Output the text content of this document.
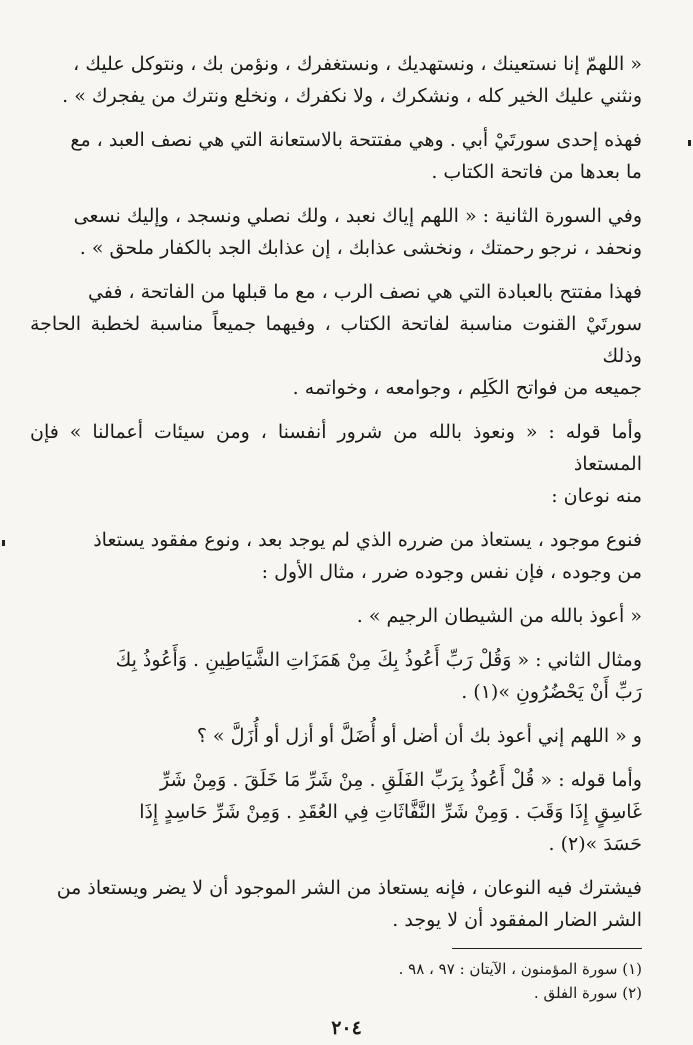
« اللهمّ إنا نستعينك ، ونستهديك ، ونستغفرك ، ونؤمن بك ، ونتوكل عليك ،
ونثني عليك الخير كله ، ونشكرك ، ولا نكفرك ، ونخلع ونترك من يفجرك » .
فهذه إحدى سورتَيْ أبي . وهي مفتتحة بالاستعانة التي هي نصف العبد ، مع
ما بعدها من فاتحة الكتاب .
وفي السورة الثانية : « اللهم إياك نعبد ، ولك نصلي ونسجد ، وإليك نسعى
ونحفد ، نرجو رحمتك ، ونخشى عذابك ، إن عذابك الجد بالكفار ملحق » .
فهذا مفتتح بالعبادة التي هي نصف الرب ، مع ما قبلها من الفاتحة ، ففي
سورتَيْ القنوت مناسبة لفاتحة الكتاب ، وفيهما جميعاً مناسبة لخطبة الحاجة وذلك
جميعه من فواتح الكَلِم ، وجوامعه ، وخواتمه .
وأما قوله : « ونعوذ بالله من شرور أنفسنا ، ومن سيئات أعمالنا » فإن المستعاذ
منه نوعان :
فنوع موجود ، يستعاذ من ضرره الذي لم يوجد بعد ، ونوع مفقود يستعاذ
من وجوده ، فإن نفس وجوده ضرر ، مثال الأول :
« أعوذ بالله من الشيطان الرجيم » .
ومثال الثاني : « وَقُلْ رَبِّ أَعُوذُ بِكَ مِنْ هَمَزَاتِ الشَّيَاطِينِ . وَأَعُوذُ بِكَ
رَبِّ أَنْ يَحْضُرُونِ »(١) .
و « اللهم إني أعوذ بك أن أضل أو أُضَلَّ أو أزل أو أُزَلَّ » ؟
وأما قوله : « قُلْ أَعُوذُ بِرَبِّ الفَلَقِ . مِنْ شَرِّ مَا خَلَقَ . وَمِنْ شَرِّ
غَاسِقٍ إِذَا وَقَبَ . وَمِنْ شَرِّ النَّفَّاثَاتِ فِي العُقَدِ . وَمِنْ شَرِّ حَاسِدٍ إِذَا
حَسَدَ »(٢) .
فيشترك فيه النوعان ، فإنه يستعاذ من الشر الموجود أن لا يضر ويستعاذ من
الشر الضار المفقود أن لا يوجد .
(١) سورة المؤمنون ، الآيتان : ٩٧ ، ٩٨ .
(٢) سورة الفلق .
٢٠٤
